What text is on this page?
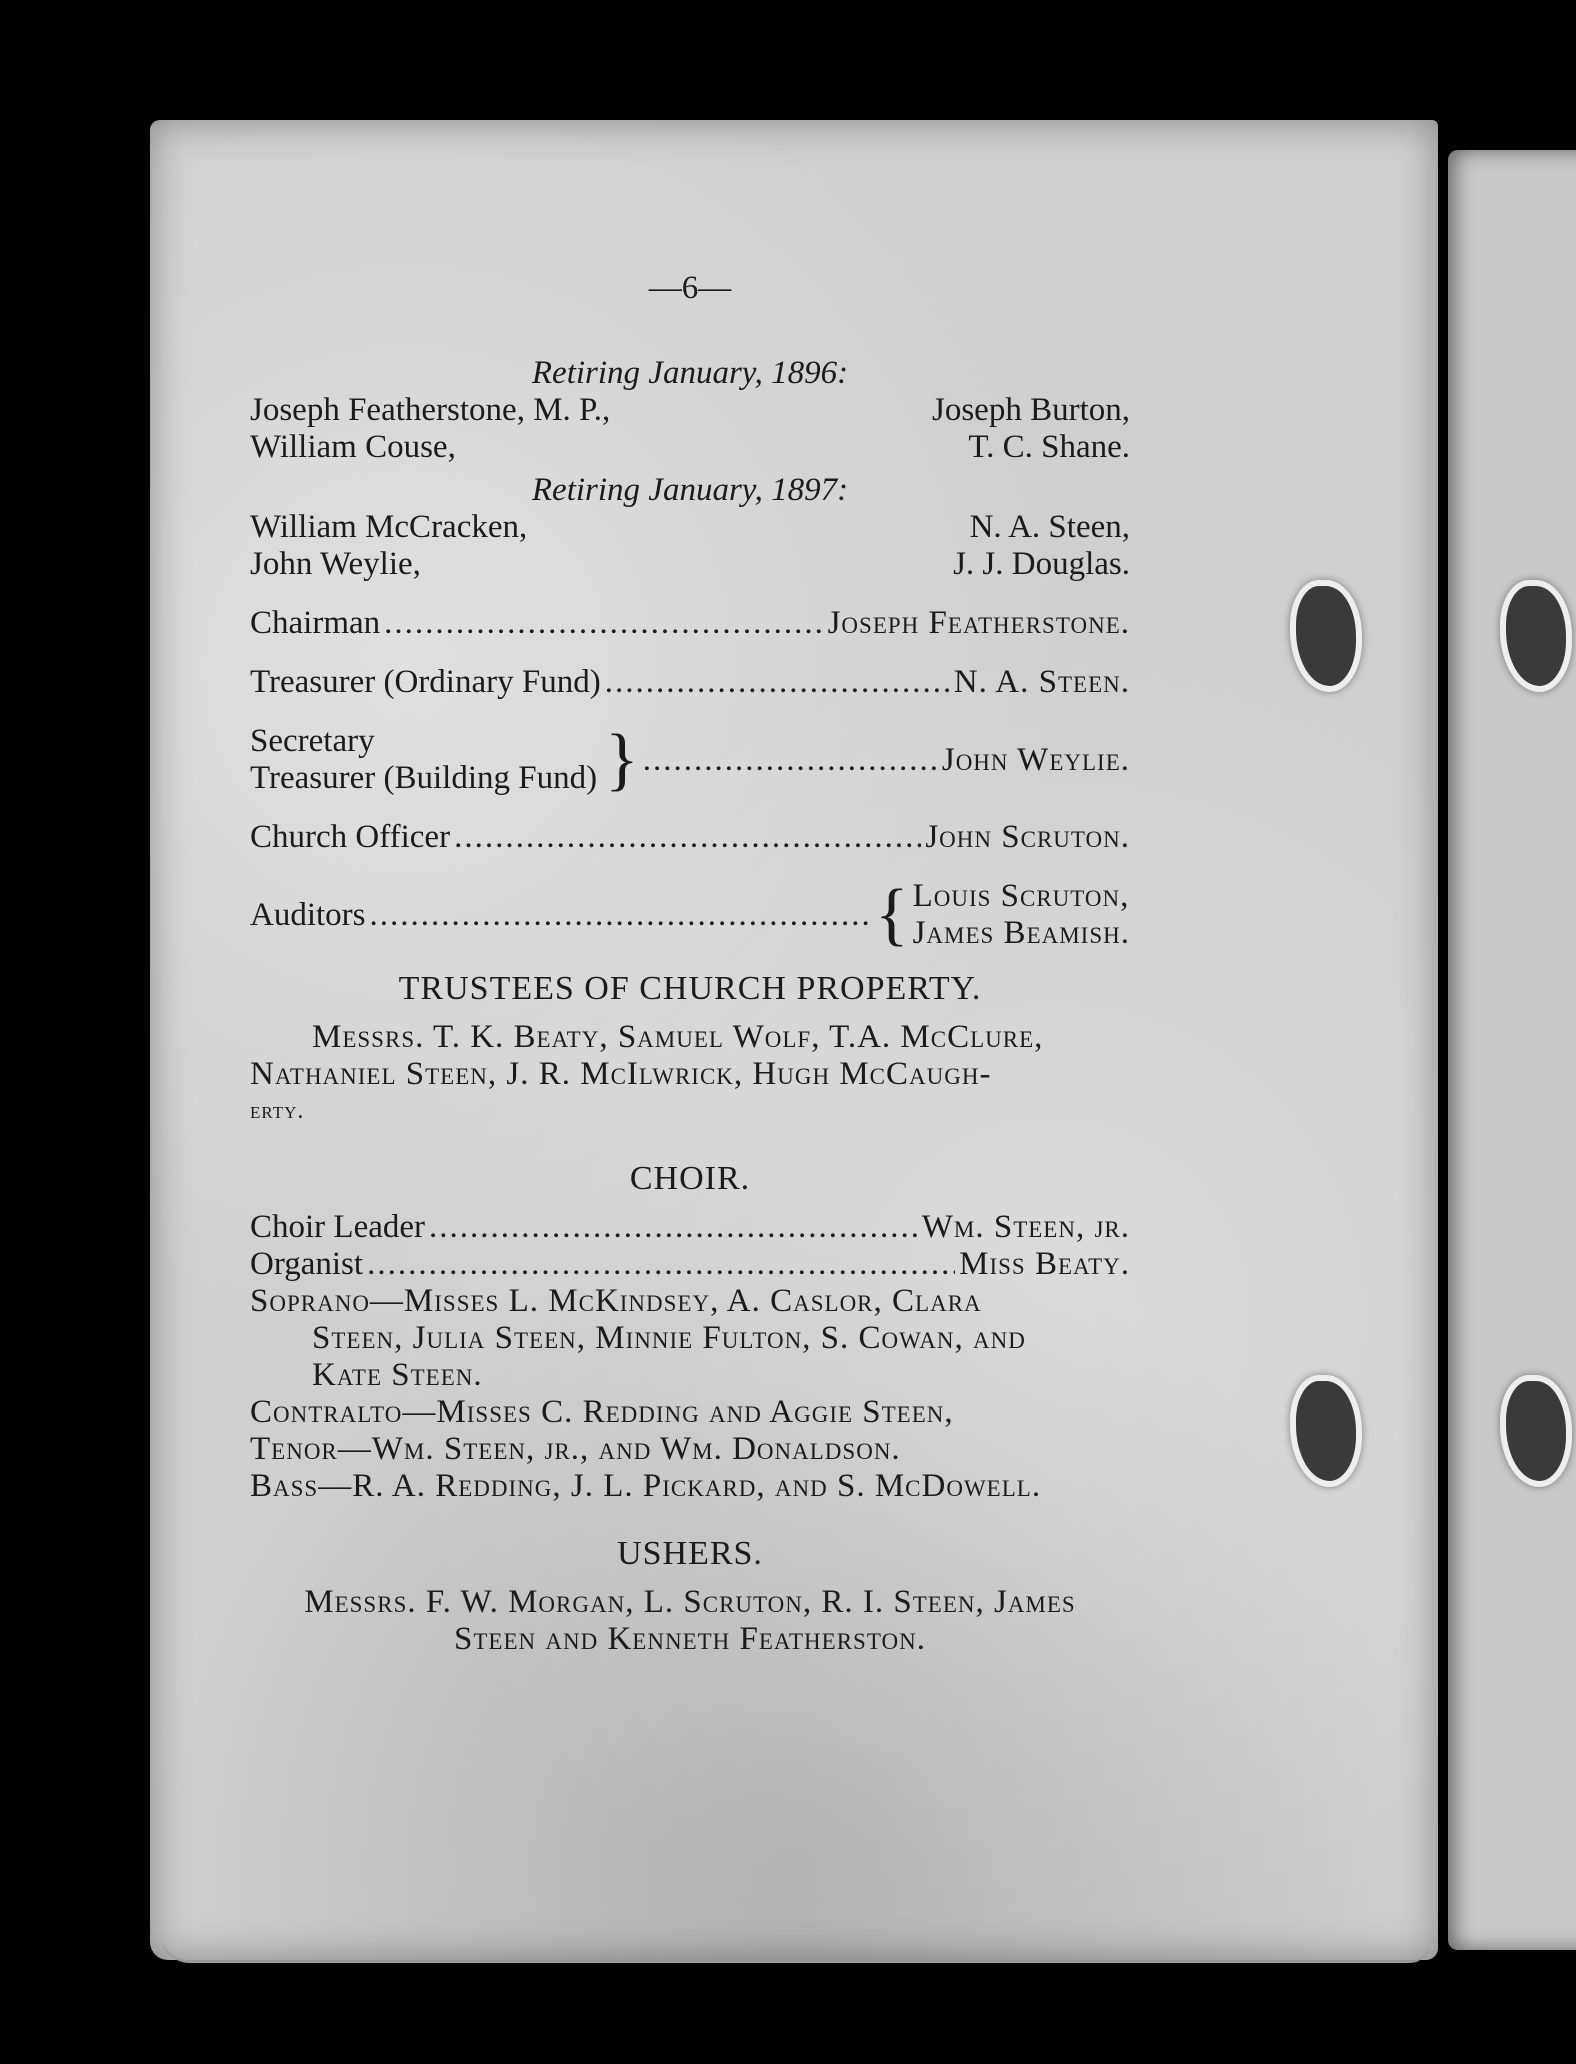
—6—
Retiring January, 1896:
Joseph Featherstone, M. P.,	Joseph Burton,
William Couse,	T. C. Shane.
Retiring January, 1897:
William McCracken,	N. A. Steen,
John Weylie,	J. J. Douglas.
Chairman .....	Joseph Featherstone.
Treasurer (Ordinary Fund) .....	N. A. Steen.
Secretary
Treasurer (Building Fund) } .....	John Weylie.
Church Officer .....	John Scruton.
Auditors .....	{ Louis Scruton,
James Beamish.
TRUSTEES OF CHURCH PROPERTY.
Messrs. T. K. Beaty, Samuel Wolf, T.A. McClure,
Nathaniel Steen, J. R. McIlwrick, Hugh McCaugh-
erty.
CHOIR.
Choir Leader .....	Wm. Steen, jr.
Organist .....	Miss Beaty.
Soprano—Misses L. McKindsey, A. Caslor, Clara
Steen, Julia Steen, Minnie Fulton, S. Cowan, and
Kate Steen.
Contralto—Misses C. Redding and Aggie Steen,
Tenor—Wm. Steen, jr., and Wm. Donaldson.
Bass—R. A. Redding, J. L. Pickard, and S. McDowell.
USHERS.
Messrs. F. W. Morgan, L. Scruton, R. I. Steen, James
Steen and Kenneth Featherston.
